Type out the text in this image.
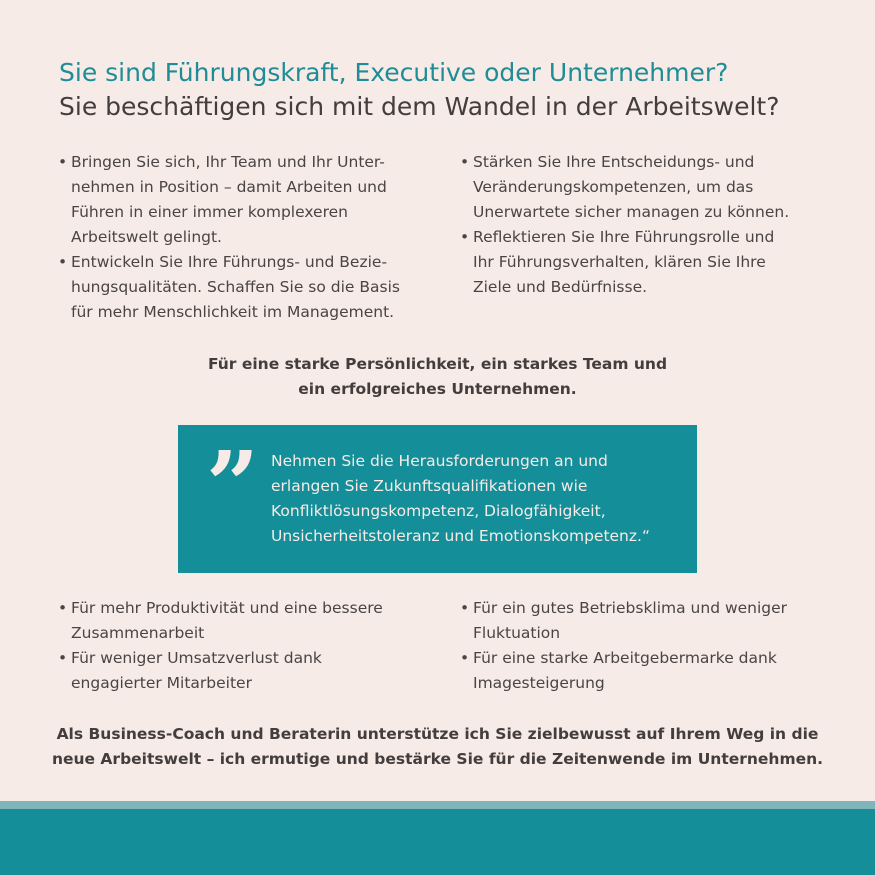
Sie sind Führungskraft, Executive oder Unternehmer?
Sie beschäftigen sich mit dem Wandel in der Arbeitswelt?
• Bringen Sie sich, Ihr Team und Ihr Unter-
nehmen in Position – damit Arbeiten und
Führen in einer immer komplexeren
Arbeitswelt gelingt.
• Entwickeln Sie Ihre Führungs- und Bezie-
hungsqualitäten. Schaffen Sie so die Basis
für mehr Menschlichkeit im Management.
• Stärken Sie Ihre Entscheidungs- und
Veränderungskompetenzen, um das
Unerwartete sicher managen zu können.
• Reflektieren Sie Ihre Führungsrolle und
Ihr Führungsverhalten, klären Sie Ihre
Ziele und Bedürfnisse.
Für eine starke Persönlichkeit, ein starkes Team und
ein erfolgreiches Unternehmen.
” Nehmen Sie die Herausforderungen an und
erlangen Sie Zukunftsqualifikationen wie
Konfliktlösungskompetenz, Dialogfähigkeit,
Unsicherheitstoleranz und Emotionskompetenz.“
• Für mehr Produktivität und eine bessere
Zusammenarbeit
• Für weniger Umsatzverlust dank
engagierter Mitarbeiter
• Für ein gutes Betriebsklima und weniger
Fluktuation
• Für eine starke Arbeitgebermarke dank
Imagesteigerung
Als Business-Coach und Beraterin unterstütze ich Sie zielbewusst auf Ihrem Weg in die
neue Arbeitswelt – ich ermutige und bestärke Sie für die Zeitenwende im Unternehmen.
